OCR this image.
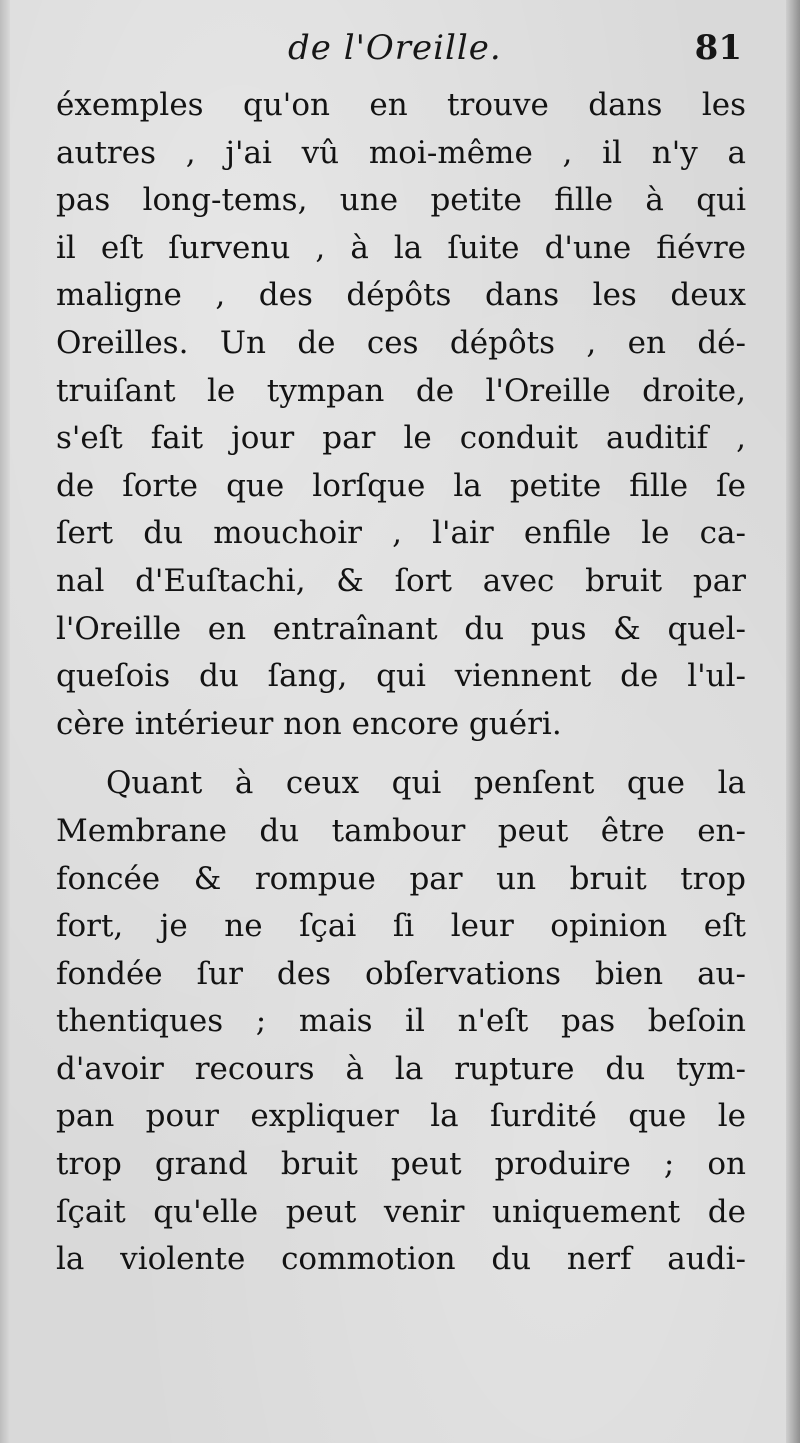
de l'Oreille.	81
éxemples qu'on en trouve dans les
autres , j'ai vû moi-même , il n'y a
pas long-tems, une petite fille à qui
il eſt ſurvenu , à la ſuite d'une fiévre
maligne , des dépôts dans les deux
Oreilles. Un de ces dépôts , en dé-
truiſant le tympan de l'Oreille droite,
s'eſt fait jour par le conduit auditif ,
de ſorte que lorſque la petite fille ſe
ſert du mouchoir , l'air enfile le ca-
nal d'Euſtachi, & ſort avec bruit par
l'Oreille en entraînant du pus & quel-
queſois du ſang, qui viennent de l'ul-
cère intérieur non encore guéri.
Quant à ceux qui penſent que la
Membrane du tambour peut être en-
foncée & rompue par un bruit trop
fort, je ne ſçai ſi leur opinion eſt
fondée ſur des obſervations bien au-
thentiques ; mais il n'eſt pas beſoin
d'avoir recours à la rupture du tym-
pan pour expliquer la ſurdité que le
trop grand bruit peut produire ; on
ſçait qu'elle peut venir uniquement de
la violente commotion du nerf audi-
